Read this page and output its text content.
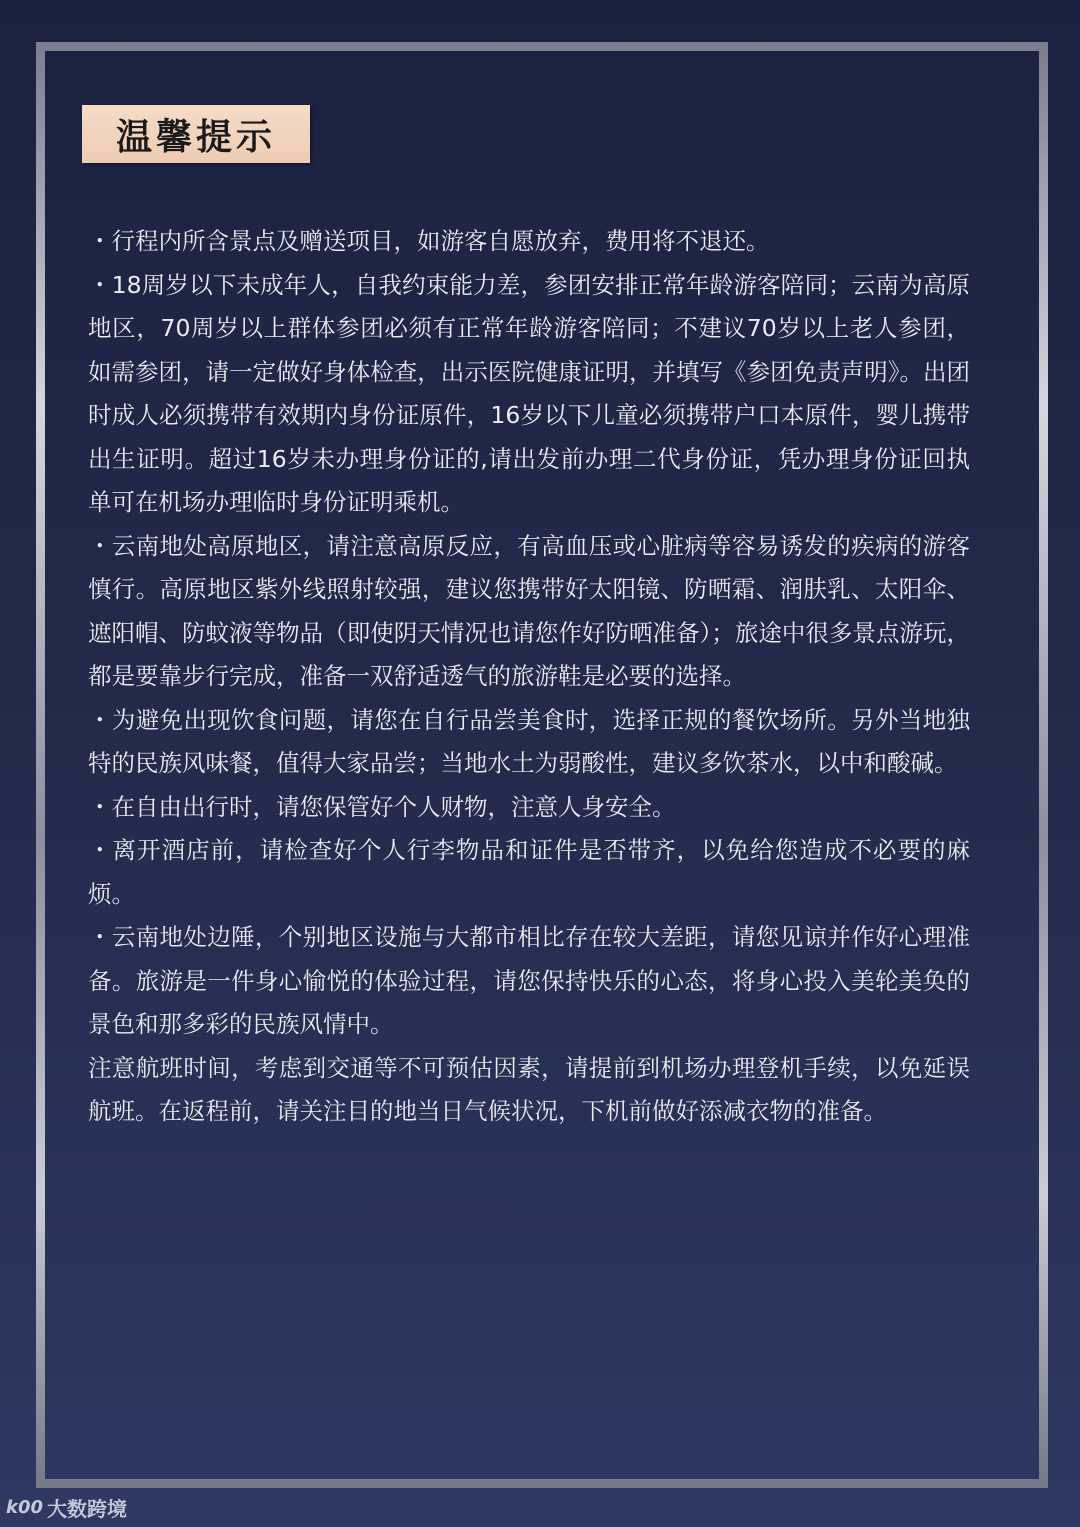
温馨提示

・行程内所含景点及赠送项目，如游客自愿放弃，费用将不退还。

・18周岁以下未成年人，自我约束能力差，参团安排正常年龄游客陪同；云南为高原地区，70周岁以上群体参团必须有正常年龄游客陪同；不建议70岁以上老人参团，如需参团，请一定做好身体检查，出示医院健康证明，并填写《参团免责声明》。出团时成人必须携带有效期内身份证原件，16岁以下儿童必须携带户口本原件，婴儿携带出生证明。超过16岁未办理身份证的,请出发前办理二代身份证，凭办理身份证回执单可在机场办理临时身份证明乘机。

・云南地处高原地区，请注意高原反应，有高血压或心脏病等容易诱发的疾病的游客慎行。高原地区紫外线照射较强，建议您携带好太阳镜、防晒霜、润肤乳、太阳伞、遮阳帽、防蚊液等物品（即使阴天情况也请您作好防晒准备）；旅途中很多景点游玩，都是要靠步行完成，准备一双舒适透气的旅游鞋是必要的选择。

・为避免出现饮食问题，请您在自行品尝美食时，选择正规的餐饮场所。另外当地独特的民族风味餐，值得大家品尝；当地水土为弱酸性，建议多饮茶水，以中和酸碱。

・在自由出行时，请您保管好个人财物，注意人身安全。

・离开酒店前，请检查好个人行李物品和证件是否带齐，以免给您造成不必要的麻烦。

・云南地处边陲，个别地区设施与大都市相比存在较大差距，请您见谅并作好心理准备。旅游是一件身心愉悦的体验过程，请您保持快乐的心态，将身心投入美轮美奂的景色和那多彩的民族风情中。

注意航班时间，考虑到交通等不可预估因素，请提前到机场办理登机手续，以免延误航班。在返程前，请关注目的地当日气候状况，下机前做好添减衣物的准备。

k00 大数跨境
